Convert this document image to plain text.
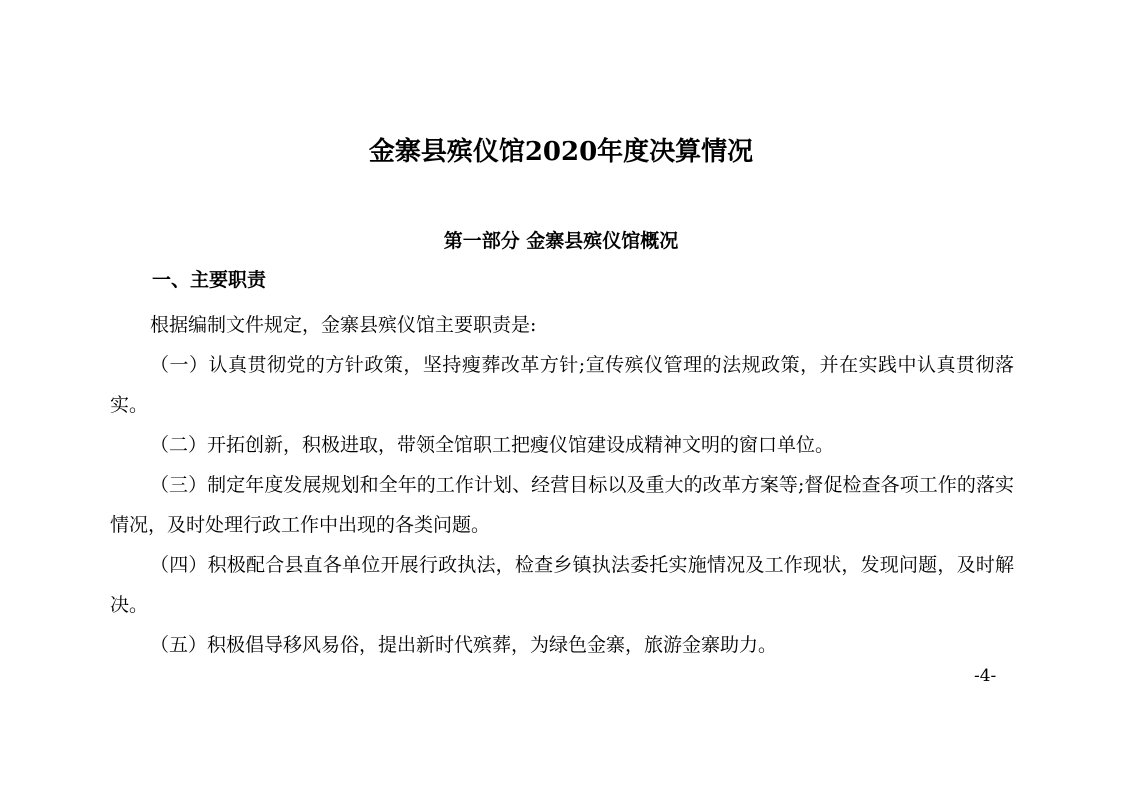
金寨县殡仪馆2020年度决算情况
第一部分 金寨县殡仪馆概况
一、主要职责

根据编制文件规定，金寨县殡仪馆主要职责是:

（一）认真贯彻党的方针政策，坚持瘦葬改革方针;宣传殡仪管理的法规政策，并在实践中认真贯彻落实。

（二）开拓创新，积极进取，带领全馆职工把瘦仪馆建设成精神文明的窗口单位。

（三）制定年度发展规划和全年的工作计划、经营目标以及重大的改革方案等;督促检查各项工作的落实情况，及时处理行政工作中出现的各类问题。

（四）积极配合县直各单位开展行政执法，检查乡镇执法委托实施情况及工作现状，发现问题，及时解决。

（五）积极倡导移风易俗，提出新时代殡葬，为绿色金寨，旅游金寨助力。

-4-
